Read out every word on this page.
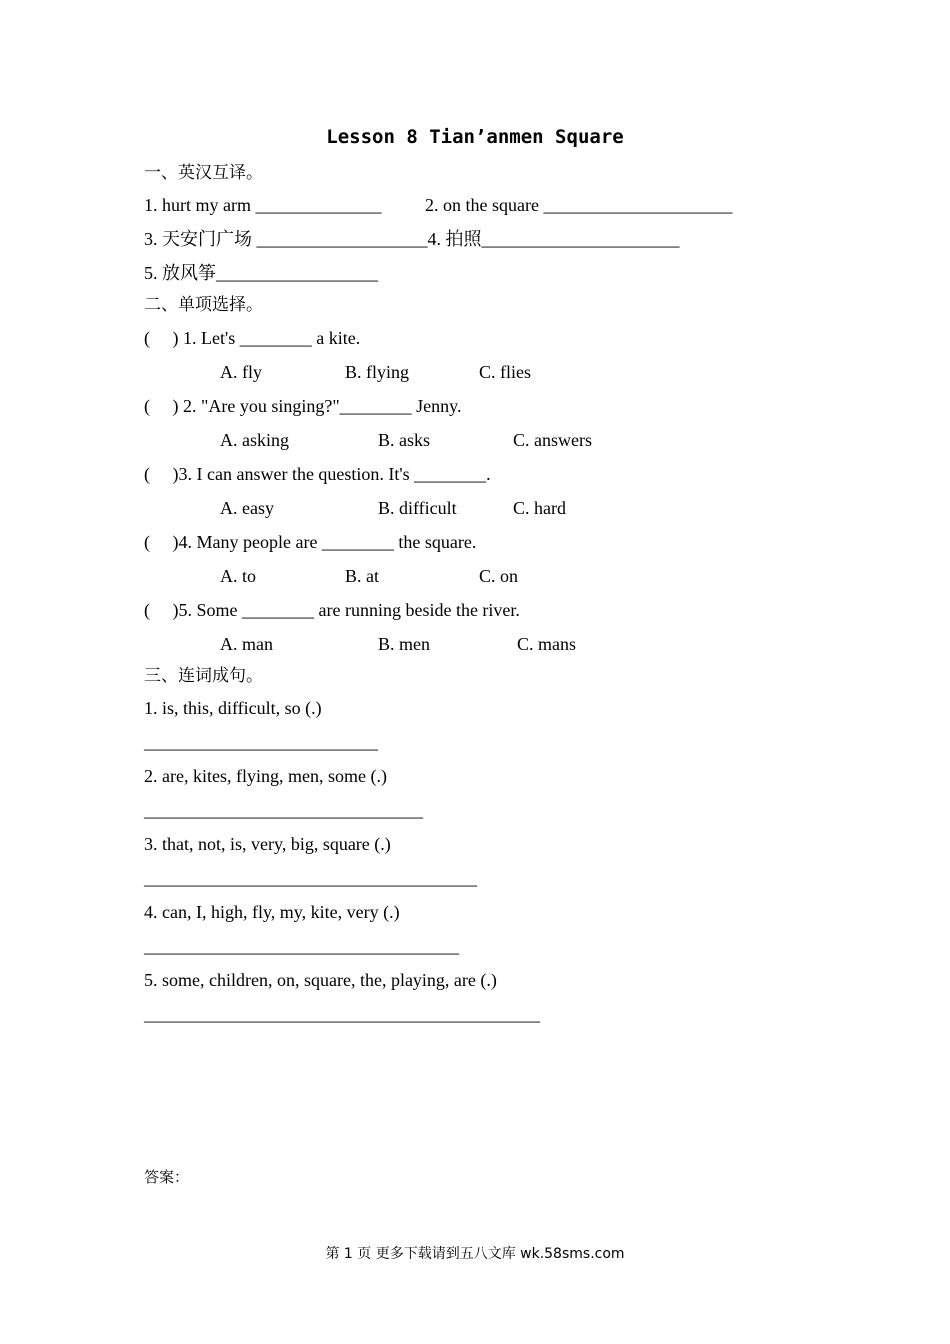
Lesson 8 Tian’anmen Square
一、英汉互译。
1. hurt my arm ______________ 2. on the square _____________________
3. 天安门广场 ___________________4. 拍照______________________
5. 放风筝__________________
二、单项选择。
(     ) 1. Let's ________ a kite.
A. fly	B. flying	C. flies
(     ) 2. "Are you singing?"________ Jenny.
A. asking	B. asks	C. answers
(     )3. I can answer the question. It's ________.
A. easy	B. difficult	C. hard
(     )4. Many people are ________ the square.
A. to	B. at	C. on
(     )5. Some ________ are running beside the river.
A. man	B. men	C. mans
三、连词成句。
1. is, this, difficult, so (.)
__________________________
2. are, kites, flying, men, some (.)
_______________________________
3. that, not, is, very, big, square (.)
_____________________________________
4. can, I, high, fly, my, kite, very (.)
___________________________________
5. some, children, on, square, the, playing, are (.)
____________________________________________
答案：
第 1 页 更多下载请到五八文库 wk.58sms.com
